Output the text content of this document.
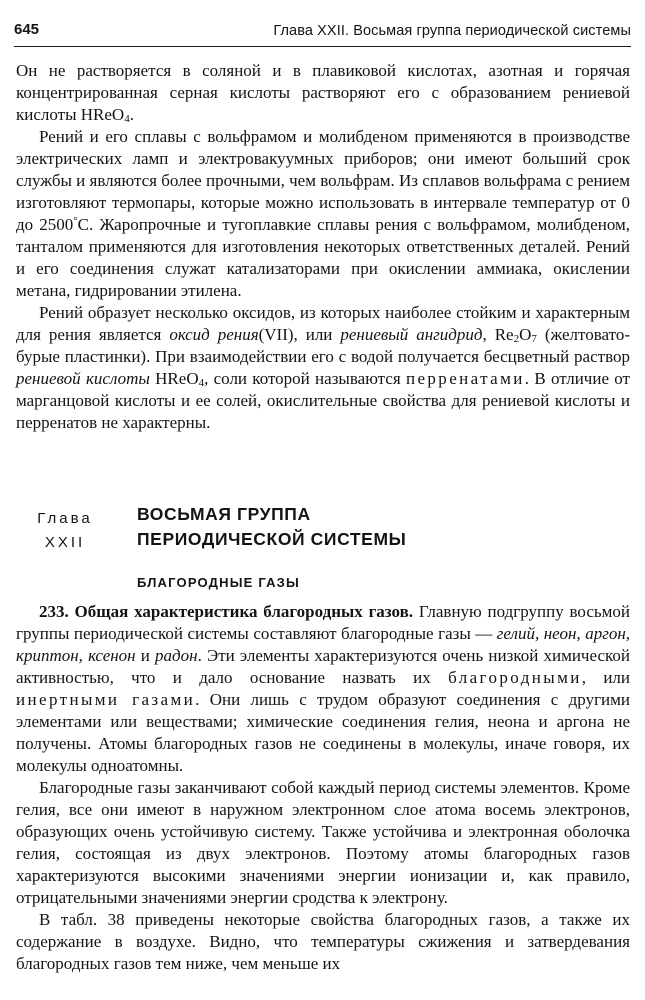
645	Глава XXII. Восьмая группа периодической системы

Он не растворяется в соляной и в плавиковой кислотах, азотная и горячая концентрированная серная кислоты растворяют его с образованием рениевой кислоты HReO$_4$.

Рений и его сплавы с вольфрамом и молибденом применяются в производстве электрических ламп и электровакуумных приборов; они имеют больший срок службы и являются более прочными, чем вольфрам. Из сплавов вольфрама с рением изготовляют термопары, которые можно использовать в интервале температур от 0 до 2500°C. Жаропрочные и тугоплавкие сплавы рения с вольфрамом, молибденом, танталом применяются для изготовления некоторых ответственных деталей. Рений и его соединения служат катализаторами при окислении аммиака, окислении метана, гидрировании этилена.

Рений образует несколько оксидов, из которых наиболее стойким и характерным для рения является оксид рения(VII), или рениевый ангидрид, $Re_2O_7$ (желтовато-бурые пластинки). При взаимодействии его с водой получается бесцветный раствор рениевой кислоты HReO$_4$, соли которой называются перренатами. В отличие от марганцовой кислоты и ее солей, окислительные свойства для рениевой кислоты и перренатов не характерны.

Глава
XXII
ВОСЬМАЯ ГРУППА
ПЕРИОДИЧЕСКОЙ СИСТЕМЫ
БЛАГОРОДНЫЕ ГАЗЫ

233. Общая характеристика благородных газов. Главную подгруппу восьмой группы периодической системы составляют благородные газы — гелий, неон, аргон, криптон, ксенон и радон. Эти элементы характеризуются очень низкой химической активностью, что и дало основание назвать их благородными, или инертными газами. Они лишь с трудом образуют соединения с другими элементами или веществами; химические соединения гелия, неона и аргона не получены. Атомы благородных газов не соединены в молекулы, иначе говоря, их молекулы одноатомны.

Благородные газы заканчивают собой каждый период системы элементов. Кроме гелия, все они имеют в наружном электронном слое атома восемь электронов, образующих очень устойчивую систему. Также устойчива и электронная оболочка гелия, состоящая из двух электронов. Поэтому атомы благородных газов характеризуются высокими значениями энергии ионизации и, как правило, отрицательными значениями энергии сродства к электрону.

В табл. 38 приведены некоторые свойства благородных газов, а также их содержание в воздухе. Видно, что температуры сжижения и затвердевания благородных газов тем ниже, чем меньше их
